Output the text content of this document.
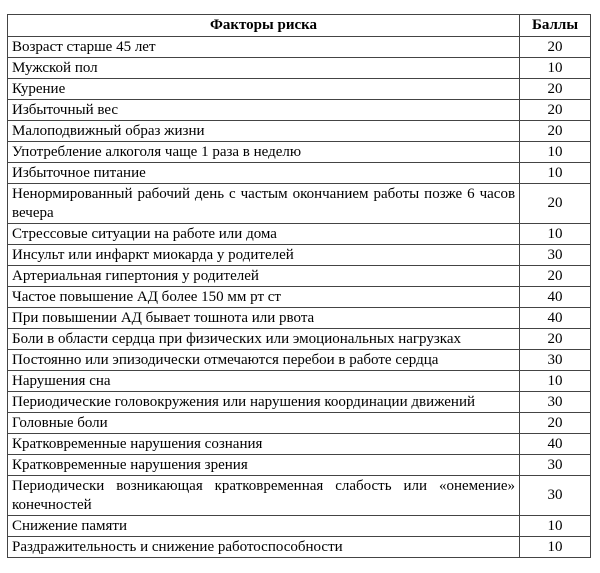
Факторы риска	Баллы
Возраст старше 45 лет	20
Мужской пол	10
Курение	20
Избыточный вес	20
Малоподвижный образ жизни	20
Употребление алкоголя чаще 1 раза в неделю	10
Избыточное питание	10
Ненормированный рабочий день с частым окончанием работы позже 6 часов вечера	20
Стрессовые ситуации на работе или дома	10
Инсульт или инфаркт миокарда у родителей	30
Артериальная гипертония у родителей	20
Частое повышение АД более 150 мм рт ст	40
При повышении АД бывает тошнота или рвота	40
Боли в области сердца при физических или эмоциональных нагрузках	20
Постоянно или эпизодически отмечаются перебои в работе сердца	30
Нарушения сна	10
Периодические головокружения или нарушения координации движений	30
Головные боли	20
Кратковременные нарушения сознания	40
Кратковременные нарушения зрения	30
Периодически возникающая кратковременная слабость или «онемение» конечностей	30
Снижение памяти	10
Раздражительность и снижение работоспособности	10
